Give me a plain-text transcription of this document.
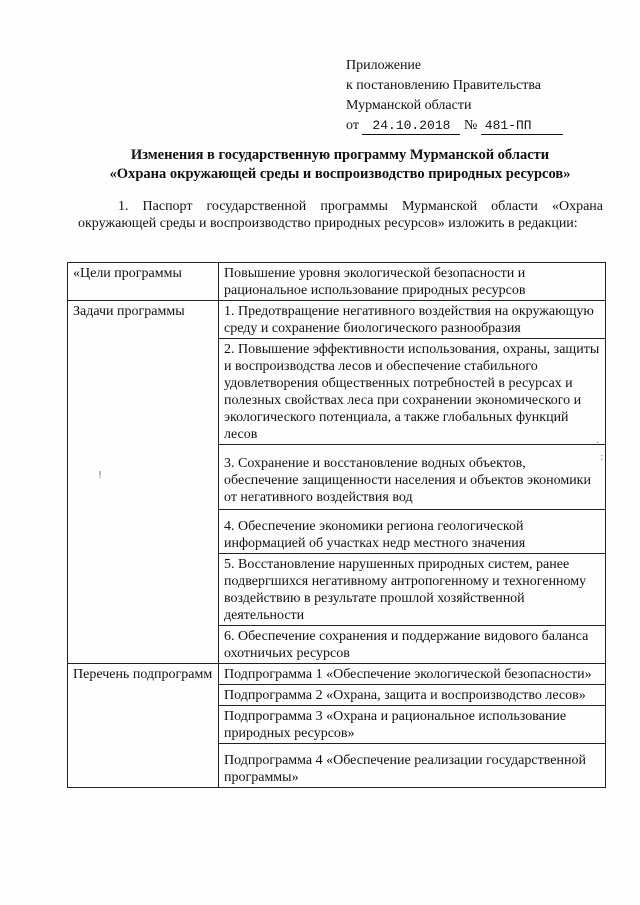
Приложение
к постановлению Правительства
Мурманской области
от 24.10.2018 № 481-ПП
Изменения в государственную программу Мурманской области
«Охрана окружающей среды и воспроизводство природных ресурсов»
1. Паспорт государственной программы Мурманской области «Охрана окружающей среды и воспроизводство природных ресурсов» изложить в редакции:
«Цели программы	Повышение уровня экологической безопасности и рациональное использование природных ресурсов
Задачи программы	1. Предотвращение негативного воздействия на окружающую среду и сохранение биологического разнообразия
	2. Повышение эффективности использования, охраны, защиты и воспроизводства лесов и обеспечение стабильного удовлетворения общественных потребностей в ресурсах и полезных свойствах леса при сохранении экономического и экологического потенциала, а также глобальных функций лесов
	3. Сохранение и восстановление водных объектов, обеспечение защищенности населения и объектов экономики от негативного воздействия вод
	4. Обеспечение экономики региона геологической информацией об участках недр местного значения
	5. Восстановление нарушенных природных систем, ранее подвергшихся негативному антропогенному и техногенному воздействию в результате прошлой хозяйственной деятельности
	6. Обеспечение сохранения и поддержание видового баланса охотничьих ресурсов
Перечень подпрограмм	Подпрограмма 1 «Обеспечение экологической безопасности»
	Подпрограмма 2 «Охрана, защита и воспроизводство лесов»
	Подпрограмма 3 «Охрана и рациональное использование природных ресурсов»
	Подпрограмма 4 «Обеспечение реализации государственной программы»
·
:
!
